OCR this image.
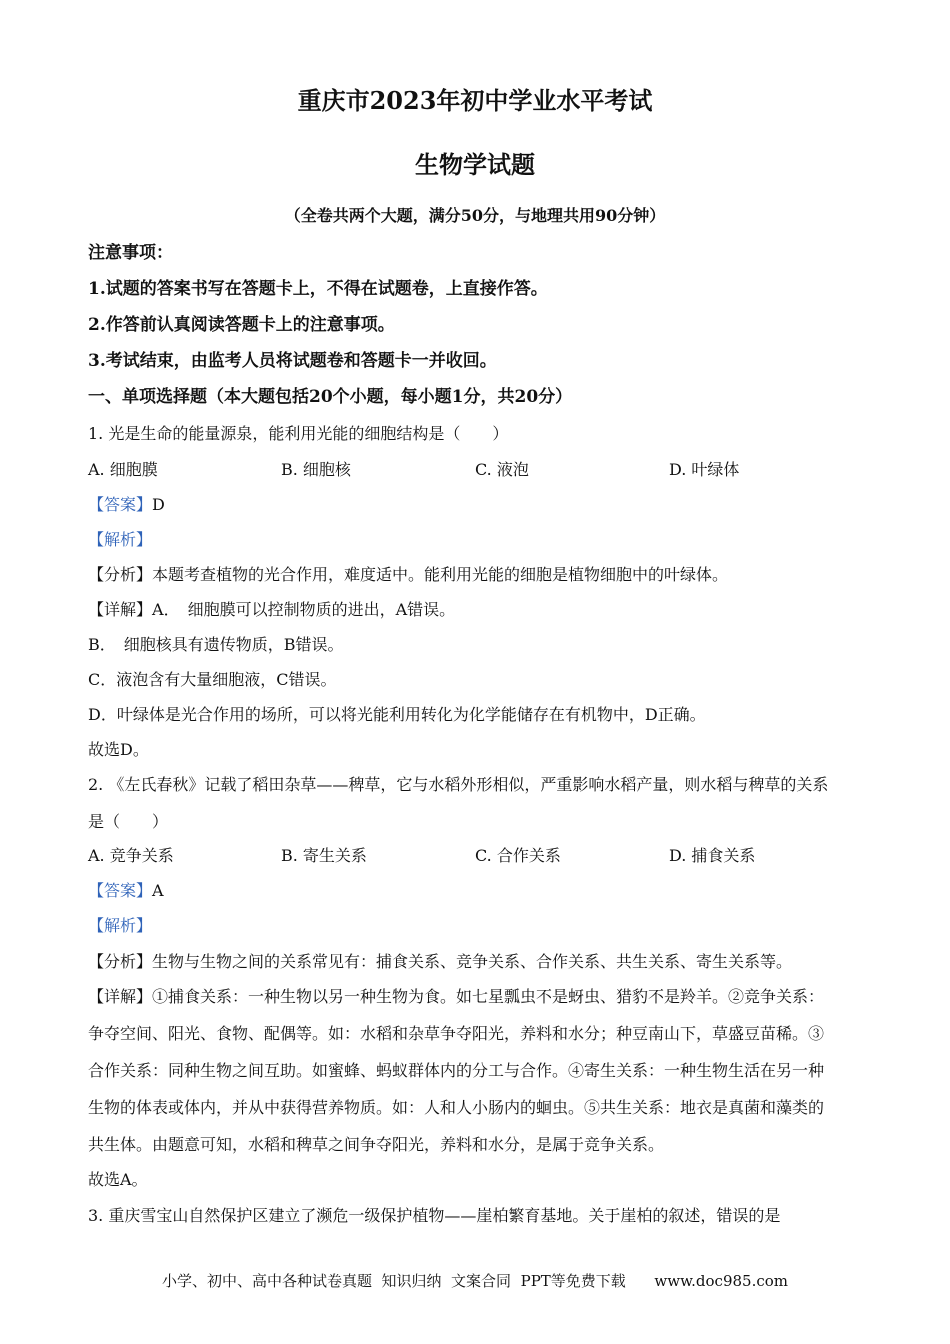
重庆市2023年初中学业水平考试
生物学试题
（全卷共两个大题，满分50分，与地理共用90分钟）
注意事项：
1.试题的答案书写在答题卡上，不得在试题卷，上直接作答。
2.作答前认真阅读答题卡上的注意事项。
3.考试结束，由监考人员将试题卷和答题卡一并收回。
一、单项选择题（本大题包括20个小题，每小题1分，共20分）
1. 光是生命的能量源泉，能利用光能的细胞结构是（　　）
A. 细胞膜	B. 细胞核	C. 液泡	D. 叶绿体
【答案】D
【解析】
【分析】本题考查植物的光合作用，难度适中。能利用光能的细胞是植物细胞中的叶绿体。
【详解】A．　细胞膜可以控制物质的进出，A错误。
B．　细胞核具有遗传物质，B错误。
C．液泡含有大量细胞液，C错误。
D．叶绿体是光合作用的场所，可以将光能利用转化为化学能储存在有机物中，D正确。
故选D。
2. 《左氏春秋》记载了稻田杂草——稗草，它与水稻外形相似，严重影响水稻产量，则水稻与稗草的关系
是（　　）
A. 竞争关系	B. 寄生关系	C. 合作关系	D. 捕食关系
【答案】A
【解析】
【分析】生物与生物之间的关系常见有：捕食关系、竞争关系、合作关系、共生关系、寄生关系等。
【详解】①捕食关系：一种生物以另一种生物为食。如七星瓢虫不是蚜虫、猎豹不是羚羊。②竞争关系：
争夺空间、阳光、食物、配偶等。如：水稻和杂草争夺阳光，养料和水分；种豆南山下，草盛豆苗稀。③
合作关系：同种生物之间互助。如蜜蜂、蚂蚁群体内的分工与合作。④寄生关系：一种生物生活在另一种
生物的体表或体内，并从中获得营养物质。如：人和人小肠内的蛔虫。⑤共生关系：地衣是真菌和藻类的
共生体。由题意可知，水稻和稗草之间争夺阳光，养料和水分，是属于竞争关系。
故选A。
3. 重庆雪宝山自然保护区建立了濒危一级保护植物——崖柏繁育基地。关于崖柏的叙述，错误的是
小学、初中、高中各种试卷真题  知识归纳  文案合同  PPT等免费下载 www.doc985.com
